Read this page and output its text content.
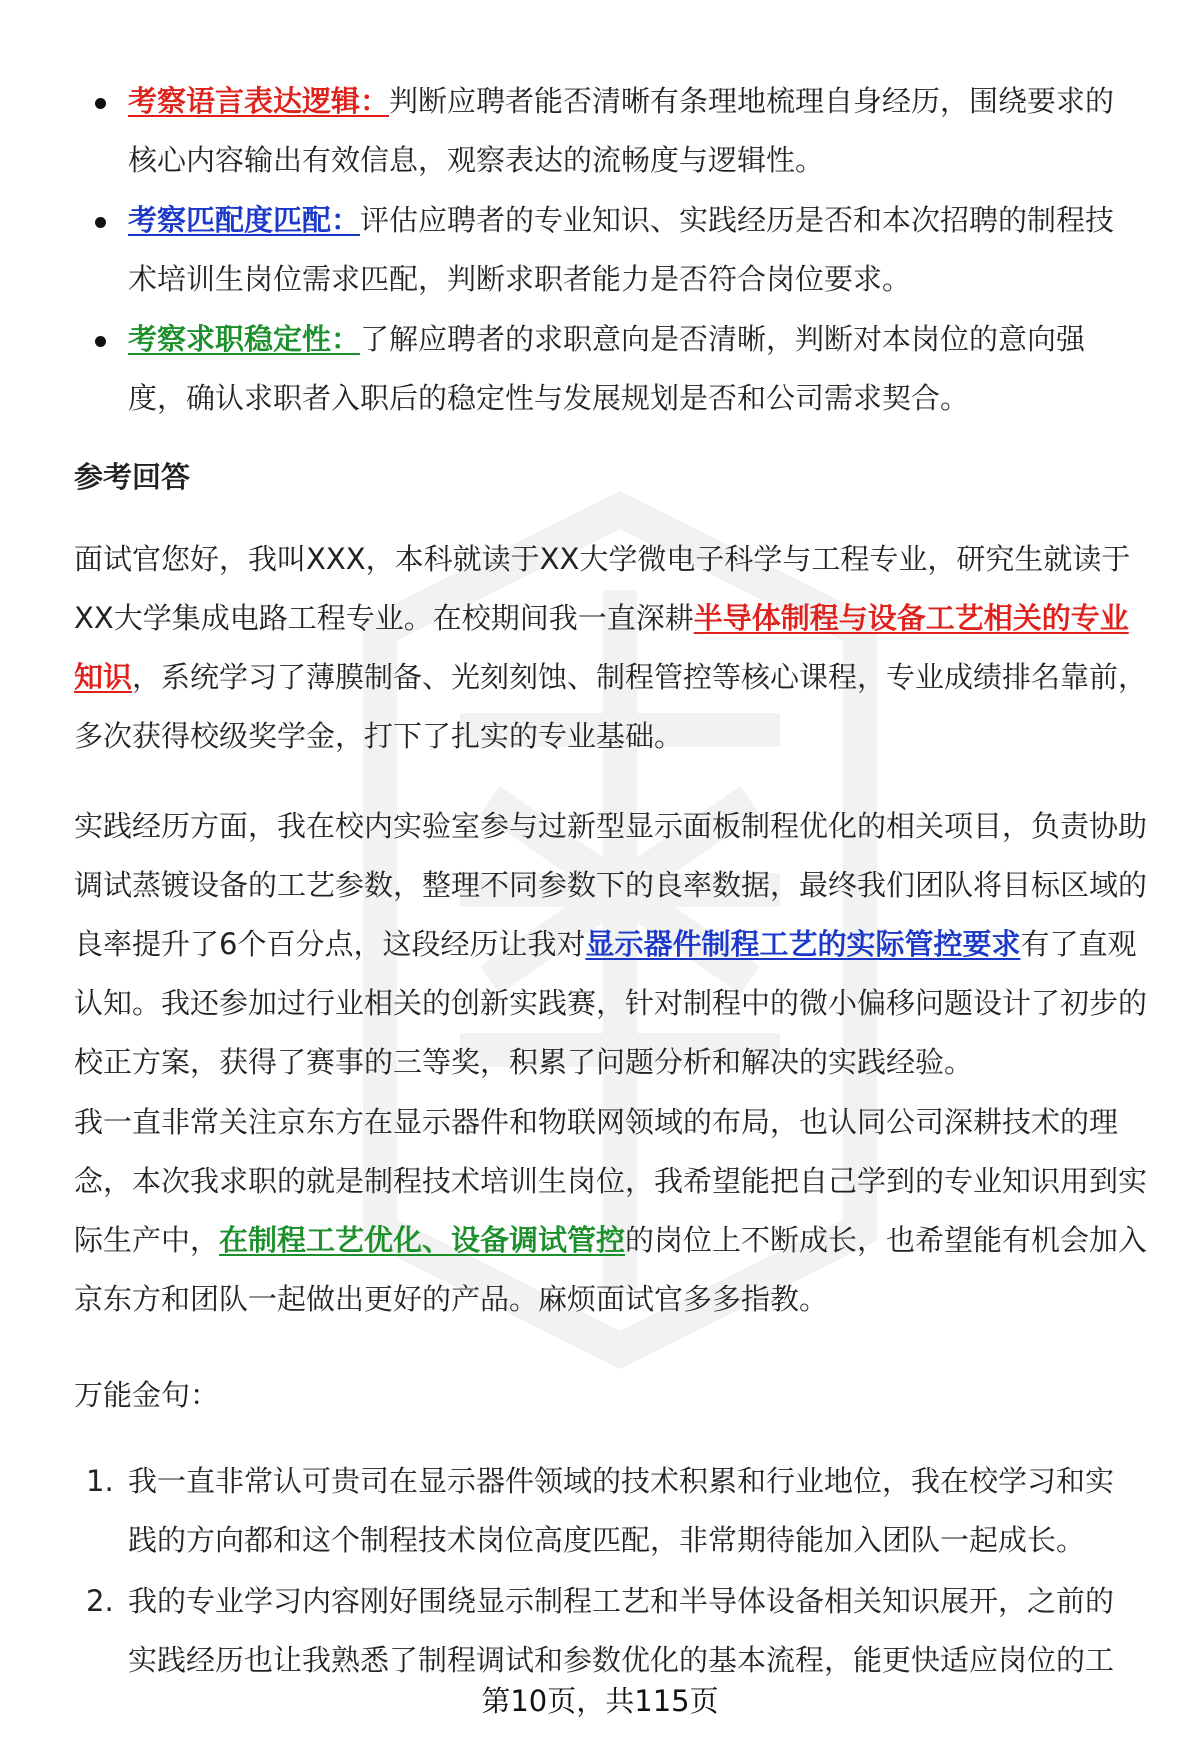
考察语言表达逻辑：判断应聘者能否清晰有条理地梳理自身经历，围绕要求的核心内容输出有效信息，观察表达的流畅度与逻辑性。
考察匹配度匹配：评估应聘者的专业知识、实践经历是否和本次招聘的制程技术培训生岗位需求匹配，判断求职者能力是否符合岗位要求。
考察求职稳定性：了解应聘者的求职意向是否清晰，判断对本岗位的意向强度，确认求职者入职后的稳定性与发展规划是否和公司需求契合。
参考回答

面试官您好，我叫XXX，本科就读于XX大学微电子科学与工程专业，研究生就读于XX大学集成电路工程专业。在校期间我一直深耕半导体制程与设备工艺相关的专业知识，系统学习了薄膜制备、光刻刻蚀、制程管控等核心课程，专业成绩排名靠前，多次获得校级奖学金，打下了扎实的专业基础。

实践经历方面，我在校内实验室参与过新型显示面板制程优化的相关项目，负责协助调试蒸镀设备的工艺参数，整理不同参数下的良率数据，最终我们团队将目标区域的良率提升了6个百分点，这段经历让我对显示器件制程工艺的实际管控要求有了直观认知。我还参加过行业相关的创新实践赛，针对制程中的微小偏移问题设计了初步的校正方案，获得了赛事的三等奖，积累了问题分析和解决的实践经验。

我一直非常关注京东方在显示器件和物联网领域的布局，也认同公司深耕技术的理念，本次我求职的就是制程技术培训生岗位，我希望能把自己学到的专业知识用到实际生产中，在制程工艺优化、设备调试管控的岗位上不断成长，也希望能有机会加入京东方和团队一起做出更好的产品。麻烦面试官多多指教。

万能金句：

1. 我一直非常认可贵司在显示器件领域的技术积累和行业地位，我在校学习和实践的方向都和这个制程技术岗位高度匹配，非常期待能加入团队一起成长。
2. 我的专业学习内容刚好围绕显示制程工艺和半导体设备相关知识展开，之前的实践经历也让我熟悉了制程调试和参数优化的基本流程，能更快适应岗位的工
第10页，共115页
